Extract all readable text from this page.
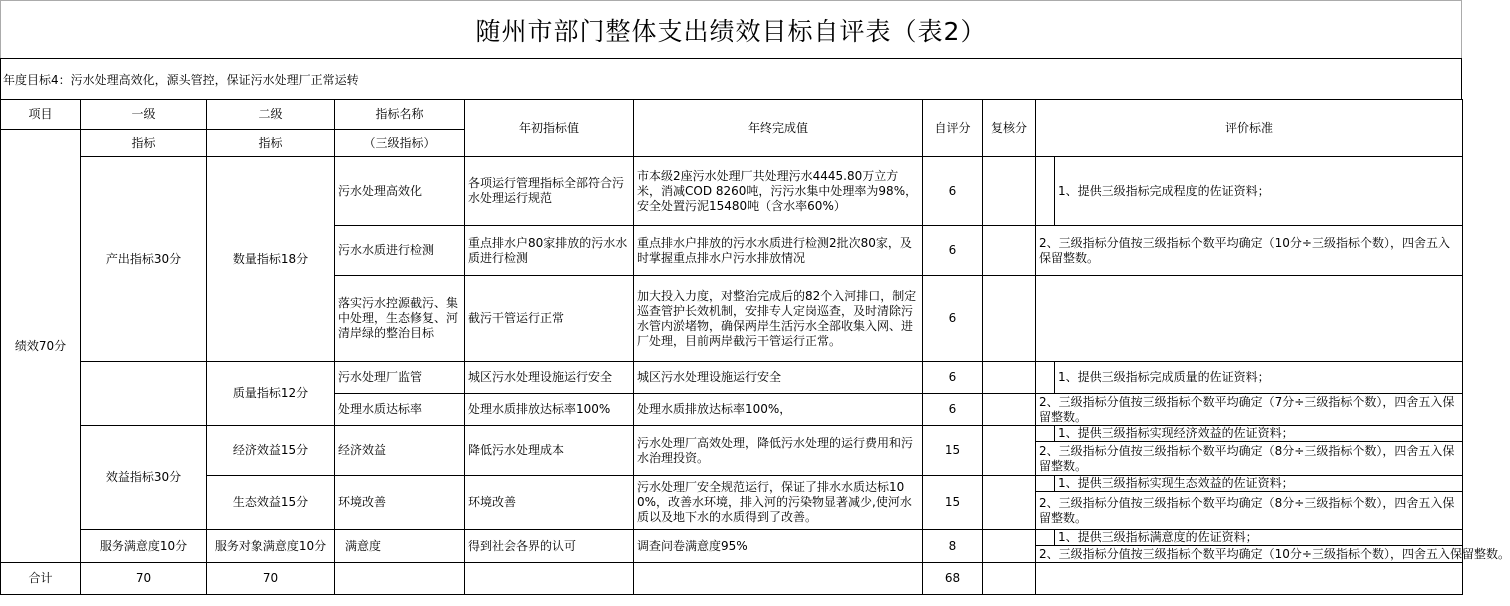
随州市部门整体支出绩效目标自评表（表2）
年度目标4：污水处理高效化，源头管控，保证污水处理厂正常运转
项目	一级	二级	指标名称	年初指标值	年终完成值	自评分	复核分	评价标准	
绩效70分	指标	指标	（三级指标）						
	产出指标30分	数量指标18分	污水处理高效化	各项运行管理指标全部符合污水处理运行规范	市本级2座污水处理厂共处理污水4445.80万立方米，消减COD 8260吨，污污水集中处理率为98%，安全处置污泥15480吨（含水率60%）	6			1、提供三级指标完成程度的佐证资料；
			污水水质进行检测	重点排水户80家排放的污水水质进行检测	重点排水户排放的污水水质进行检测2批次80家，及时掌握重点排水户污水排放情况	6		2、三级指标分值按三级指标个数平均确定（10分÷三级指标个数），四舍五入保留整数。	
			落实污水控源截污、集中处理，生态修复、河清岸绿的整治目标	截污干管运行正常	加大投入力度，对整治完成后的82个入河排口，制定巡查管护长效机制，安排专人定岗巡查，及时清除污水管内淤堵物，确保两岸生活污水全部收集入网、进厂处理，目前两岸截污干管运行正常。	6			
		质量指标12分	污水处理厂监管	城区污水处理设施运行安全	城区污水处理设施运行安全	6			1、提供三级指标完成质量的佐证资料；
			处理水质达标率	处理水质排放达标率100%	处理水质排放达标率100%，	6		2、三级指标分值按三级指标个数平均确定（7分÷三级指标个数），四舍五入保留整数。	
	效益指标30分	经济效益15分	经济效益	降低污水处理成本	污水处理厂高效处理，降低污水处理的运行费用和污水治理投资。	15			1、提供三级指标实现经济效益的佐证资料；
								2、三级指标分值按三级指标个数平均确定（8分÷三级指标个数），四舍五入保留整数。	
		生态效益15分	环境改善	环境改善	污水处理厂安全规范运行，保证了排水水质达标100%，改善水环境，排入河的污染物显著减少,使河水质以及地下水的水质得到了改善。	15			1、提供三级指标实现生态效益的佐证资料；
								2、三级指标分值按三级指标个数平均确定（8分÷三级指标个数），四舍五入保留整数。	
	服务满意度10分	服务对象满意度10分	满意度	得到社会各界的认可	调查问卷满意度95%	8			1、提供三级指标满意度的佐证资料；
								2、三级指标分值按三级指标个数平均确定（10分÷三级指标个数），四舍五入保留整数。	
合计	70	70				68			
